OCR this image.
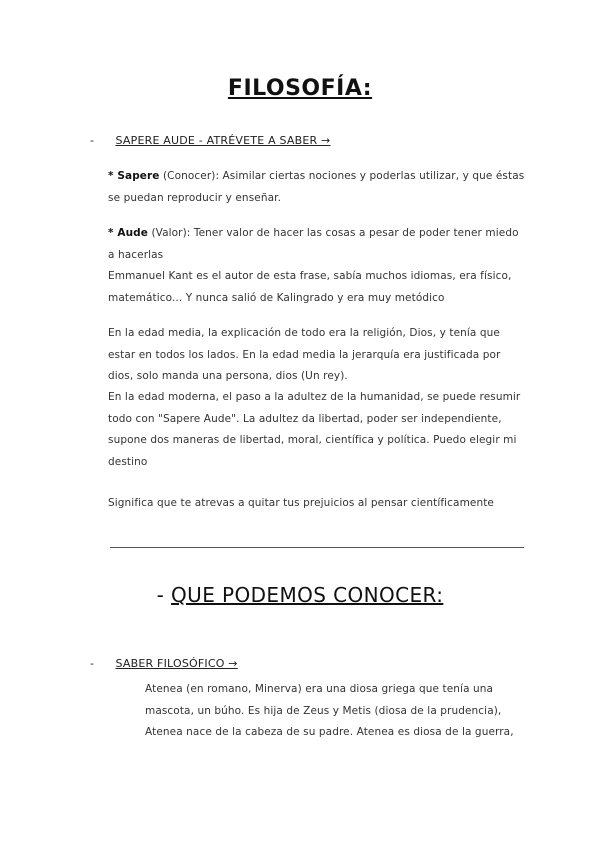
FILOSOFÍA:
- SAPERE AUDE - ATRÉVETE A SABER →
* Sapere (Conocer): Asimilar ciertas nociones y poderlas utilizar, y que éstas se puedan reproducir y enseñar.
* Aude (Valor): Tener valor de hacer las cosas a pesar de poder tener miedo a hacerlas
Emmanuel Kant es el autor de esta frase, sabía muchos idiomas, era físico, matemático... Y nunca salió de Kalingrado y era muy metódico
En la edad media, la explicación de todo era la religión, Dios, y tenía que estar en todos los lados. En la edad media la jerarquía era justificada por dios, solo manda una persona, dios (Un rey).
En la edad moderna, el paso a la adultez de la humanidad, se puede resumir todo con "Sapere Aude". La adultez da libertad, poder ser independiente, supone dos maneras de libertad, moral, científica y política. Puedo elegir mi destino
Significa que te atrevas a quitar tus prejuicios al pensar científicamente
- QUE PODEMOS CONOCER:
- SABER FILOSÓFICO →
Atenea (en romano, Minerva) era una diosa griega que tenía una mascota, un búho. Es hija de Zeus y Metis (diosa de la prudencia), Atenea nace de la cabeza de su padre. Atenea es diosa de la guerra,
